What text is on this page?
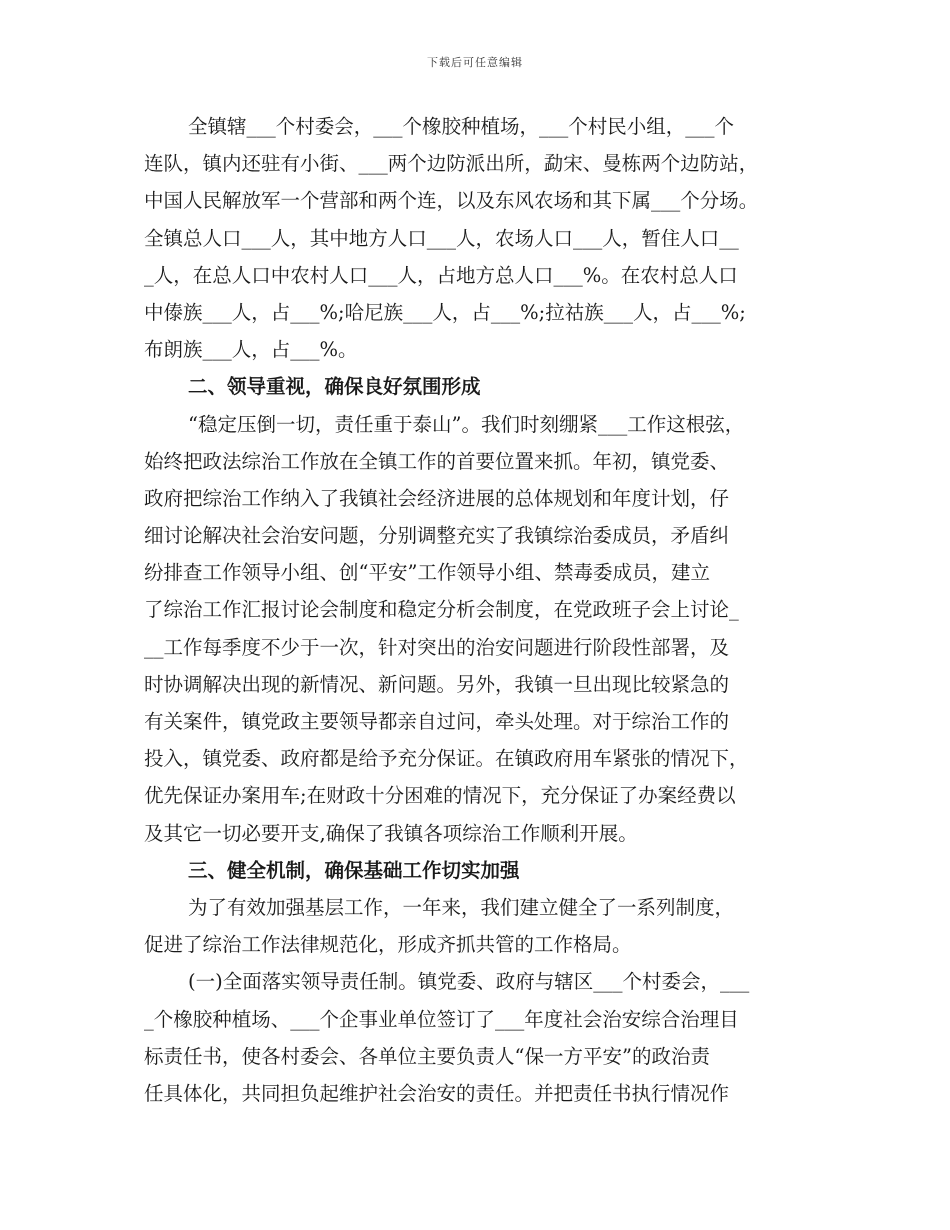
下载后可任意编辑
全镇辖___个村委会，___个橡胶种植场，___个村民小组，___个
连队，镇内还驻有小街、___两个边防派出所，勐宋、曼栋两个边防站，
中国人民解放军一个营部和两个连，以及东风农场和其下属___个分场。
全镇总人口___人，其中地方人口___人，农场人口___人，暂住人口__
_人，在总人口中农村人口___人，占地方总人口___%。在农村总人口
中傣族___人，占___%;哈尼族___人，占___%;拉祜族___人，占___%;
布朗族___人，占___%。
二、领导重视，确保良好氛围形成
“稳定压倒一切，责任重于泰山”。我们时刻绷紧___工作这根弦，
始终把政法综治工作放在全镇工作的首要位置来抓。年初，镇党委、
政府把综治工作纳入了我镇社会经济进展的总体规划和年度计划，仔
细讨论解决社会治安问题，分别调整充实了我镇综治委成员，矛盾纠
纷排查工作领导小组、创“平安”工作领导小组、禁毒委成员，建立
了综治工作汇报讨论会制度和稳定分析会制度，在党政班子会上讨论_
__工作每季度不少于一次，针对突出的治安问题进行阶段性部署，及
时协调解决出现的新情况、新问题。另外，我镇一旦出现比较紧急的
有关案件，镇党政主要领导都亲自过问，牵头处理。对于综治工作的
投入，镇党委、政府都是给予充分保证。在镇政府用车紧张的情况下，
优先保证办案用车;在财政十分困难的情况下，充分保证了办案经费以
及其它一切必要开支,确保了我镇各项综治工作顺利开展。
三、健全机制，确保基础工作切实加强
为了有效加强基层工作，一年来，我们建立健全了一系列制度，
促进了综治工作法律规范化，形成齐抓共管的工作格局。
(一)全面落实领导责任制。镇党委、政府与辖区___个村委会，___
_个橡胶种植场、___个企事业单位签订了___年度社会治安综合治理目
标责任书，使各村委会、各单位主要负责人“保一方平安”的政治责
任具体化，共同担负起维护社会治安的责任。并把责任书执行情况作
